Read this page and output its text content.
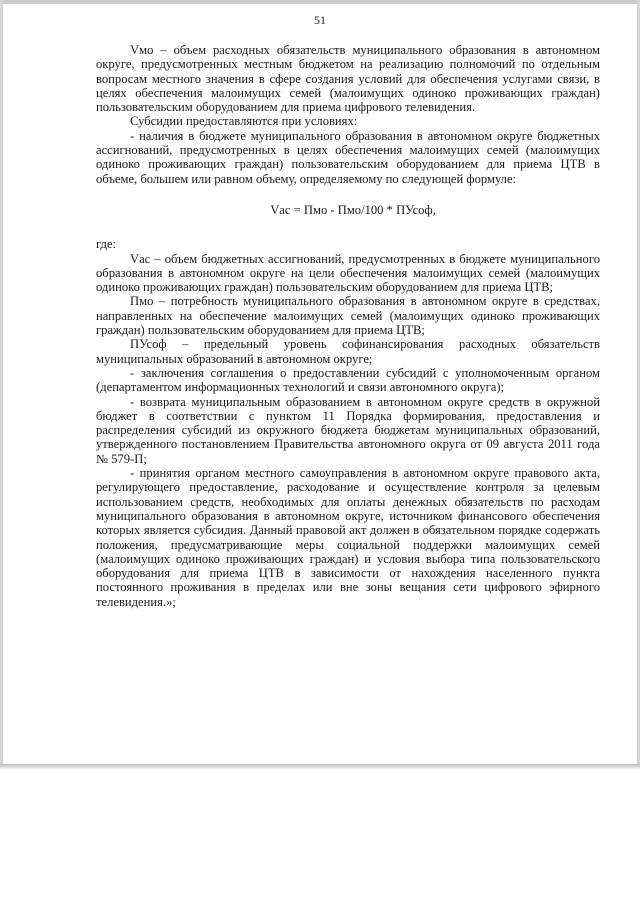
51

Vмо – объем расходных обязательств муниципального образования в автономном округе, предусмотренных местным бюджетом на реализацию полномочий по отдельным вопросам местного значения в сфере создания условий для обеспечения услугами связи, в целях обеспечения малоимущих семей (малоимущих одиноко проживающих граждан) пользовательским оборудованием для приема цифрового телевидения.

Субсидии предоставляются при условиях:

- наличия в бюджете муниципального образования в автономном округе бюджетных ассигнований, предусмотренных в целях обеспечения малоимущих семей (малоимущих одиноко проживающих граждан) пользовательским оборудованием для приема ЦТВ в объеме, большем или равном объему, определяемому по следующей формуле:

Vас = Пмо - Пмо/100 * ПУсоф,

где:

Vас – объем бюджетных ассигнований, предусмотренных в бюджете муниципального образования в автономном округе на цели обеспечения малоимущих семей (малоимущих одиноко проживающих граждан) пользовательским оборудованием для приема ЦТВ;

Пмо – потребность муниципального образования в автономном округе в средствах, направленных на обеспечение малоимущих семей (малоимущих одиноко проживающих граждан) пользовательским оборудованием для приема ЦТВ;

ПУсоф – предельный уровень софинансирования расходных обязательств муниципальных образований в автономном округе;

- заключения соглашения о предоставлении субсидий с уполномоченным органом (департаментом информационных технологий и связи автономного округа);

- возврата муниципальным образованием в автономном округе средств в окружной бюджет в соответствии с пунктом 11 Порядка формирования, предоставления и распределения субсидий из окружного бюджета бюджетам муниципальных образований, утвержденного постановлением Правительства автономного округа от 09 августа 2011 года № 579-П;

- принятия органом местного самоуправления в автономном округе правового акта, регулирующего предоставление, расходование и осуществление контроля за целевым использованием средств, необходимых для оплаты денежных обязательств по расходам муниципального образования в автономном округе, источником финансового обеспечения которых является субсидия. Данный правовой акт должен в обязательном порядке содержать положения, предусматривающие меры социальной поддержки малоимущих семей (малоимущих одиноко проживающих граждан) и условия выбора типа пользовательского оборудования для приема ЦТВ в зависимости от нахождения населенного пункта постоянного проживания в пределах или вне зоны вещания сети цифрового эфирного телевидения.»;
